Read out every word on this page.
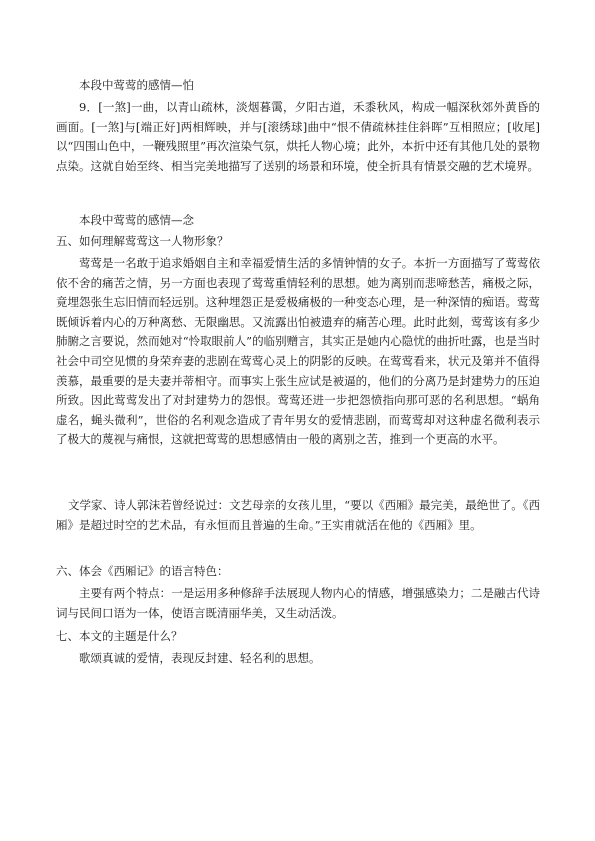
本段中莺莺的感情—怕

9．[一煞]一曲，以青山疏林，淡烟暮霭，夕阳古道，禾黍秋风，构成一幅深秋郊外黄昏的画面。[一煞]与[端正好]两相辉映，并与[滚绣球]曲中“恨不倩疏林挂住斜晖”互相照应；[收尾]以“四围山色中，一鞭残照里”再次渲染气氛，烘托人物心境；此外，本折中还有其他几处的景物点染。这就自始至终、相当完美地描写了送别的场景和环境，使全折具有情景交融的艺术境界。

本段中莺莺的感情—念

五、如何理解莺莺这一人物形象？

莺莺是一名敢于追求婚姻自主和幸福爱情生活的多情钟情的女子。本折一方面描写了莺莺依依不舍的痛苦之情，另一方面也表现了莺莺重情轻利的思想。她为离别而悲啼愁苦，痛极之际，竟埋怨张生忘旧情而轻远别。这种埋怨正是爱极痛极的一种变态心理，是一种深情的痴语。莺莺既倾诉着内心的万种离愁、无限幽思。又流露出怕被遗弃的痛苦心理。此时此刻，莺莺该有多少肺腑之言要说，然而她对“怜取眼前人”的临别赠言，其实正是她内心隐忧的曲折吐露，也是当时社会中司空见惯的身荣弃妻的悲剧在莺莺心灵上的阴影的反映。在莺莺看来，状元及第并不值得羡慕，最重要的是夫妻并蒂相守。而事实上张生应试是被逼的，他们的分离乃是封建势力的压迫所致。因此莺莺发出了对封建势力的怨恨。莺莺还进一步把怨愤指向那可恶的名利思想。“蜗角虚名，蝇头微利”，世俗的名利观念造成了青年男女的爱情悲剧，而莺莺却对这种虚名微利表示了极大的蔑视与痛恨，这就把莺莺的思想感情由一般的离别之苦，推到一个更高的水平。

文学家、诗人郭沫若曾经说过：文艺母亲的女孩儿里，“要以《西厢》最完美，最绝世了。《西厢》是超过时空的艺术品，有永恒而且普遍的生命。”王实甫就活在他的《西厢》里。

六、体会《西厢记》的语言特色：

主要有两个特点：一是运用多种修辞手法展现人物内心的情感，增强感染力；二是融古代诗词与民间口语为一体，使语言既清丽华美，又生动活泼。

七、本文的主题是什么？

歌颂真诚的爱情，表现反封建、轻名利的思想。
